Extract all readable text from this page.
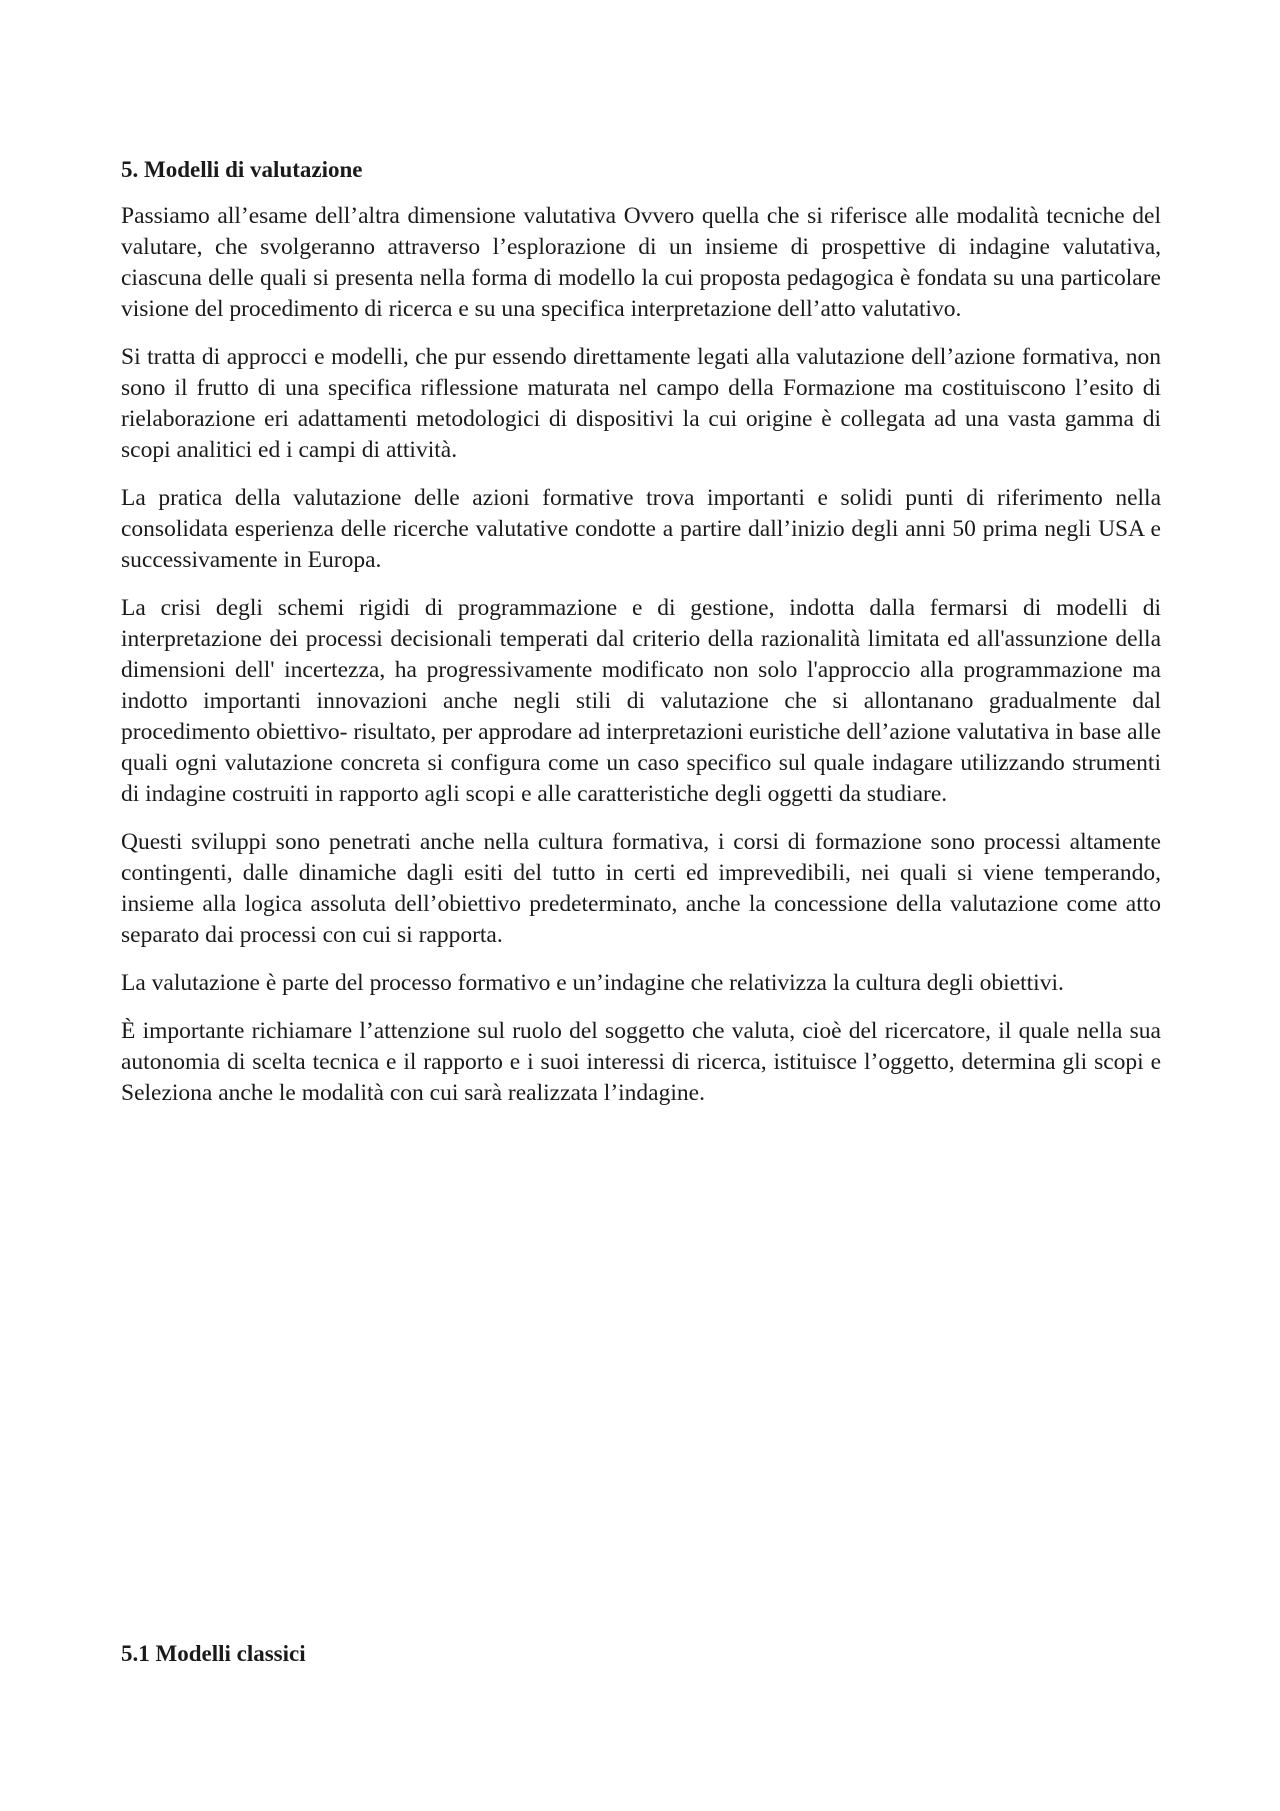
5. Modelli di valutazione

Passiamo all’esame dell’altra dimensione valutativa Ovvero quella che si riferisce alle modalità tecniche del valutare, che svolgeranno attraverso l’esplorazione di un insieme di prospettive di indagine valutativa, ciascuna delle quali si presenta nella forma di modello la cui proposta pedagogica è fondata su una particolare visione del procedimento di ricerca e su una specifica interpretazione dell’atto valutativo.

Si tratta di approcci e modelli, che pur essendo direttamente legati alla valutazione dell’azione formativa, non sono il frutto di una specifica riflessione maturata nel campo della Formazione ma costituiscono l’esito di rielaborazione eri adattamenti metodologici di dispositivi la cui origine è collegata ad una vasta gamma di scopi analitici ed i campi di attività.

La pratica della valutazione delle azioni formative trova importanti e solidi punti di riferimento nella consolidata esperienza delle ricerche valutative condotte a partire dall’inizio degli anni 50 prima negli USA e successivamente in Europa.

La crisi degli schemi rigidi di programmazione e di gestione, indotta dalla fermarsi di modelli di interpretazione dei processi decisionali temperati dal criterio della razionalità limitata ed all'assunzione della dimensioni dell' incertezza, ha progressivamente modificato non solo l'approccio alla programmazione ma indotto importanti innovazioni anche negli stili di valutazione che si allontanano gradualmente dal procedimento obiettivo- risultato, per approdare ad interpretazioni euristiche dell’azione valutativa in base alle quali ogni valutazione concreta si configura come un caso specifico sul quale indagare utilizzando strumenti di indagine costruiti in rapporto agli scopi e alle caratteristiche degli oggetti da studiare.

Questi sviluppi sono penetrati anche nella cultura formativa, i corsi di formazione sono processi altamente contingenti, dalle dinamiche dagli esiti del tutto in certi ed imprevedibili, nei quali si viene temperando, insieme alla logica assoluta dell’obiettivo predeterminato, anche la concessione della valutazione come atto separato dai processi con cui si rapporta.

La valutazione è parte del processo formativo e un’indagine che relativizza la cultura degli obiettivi.

È importante richiamare l’attenzione sul ruolo del soggetto che valuta, cioè del ricercatore, il quale nella sua autonomia di scelta tecnica e il rapporto e i suoi interessi di ricerca, istituisce l’oggetto, determina gli scopi e Seleziona anche le modalità con cui sarà realizzata l’indagine.

5.1 Modelli classici
